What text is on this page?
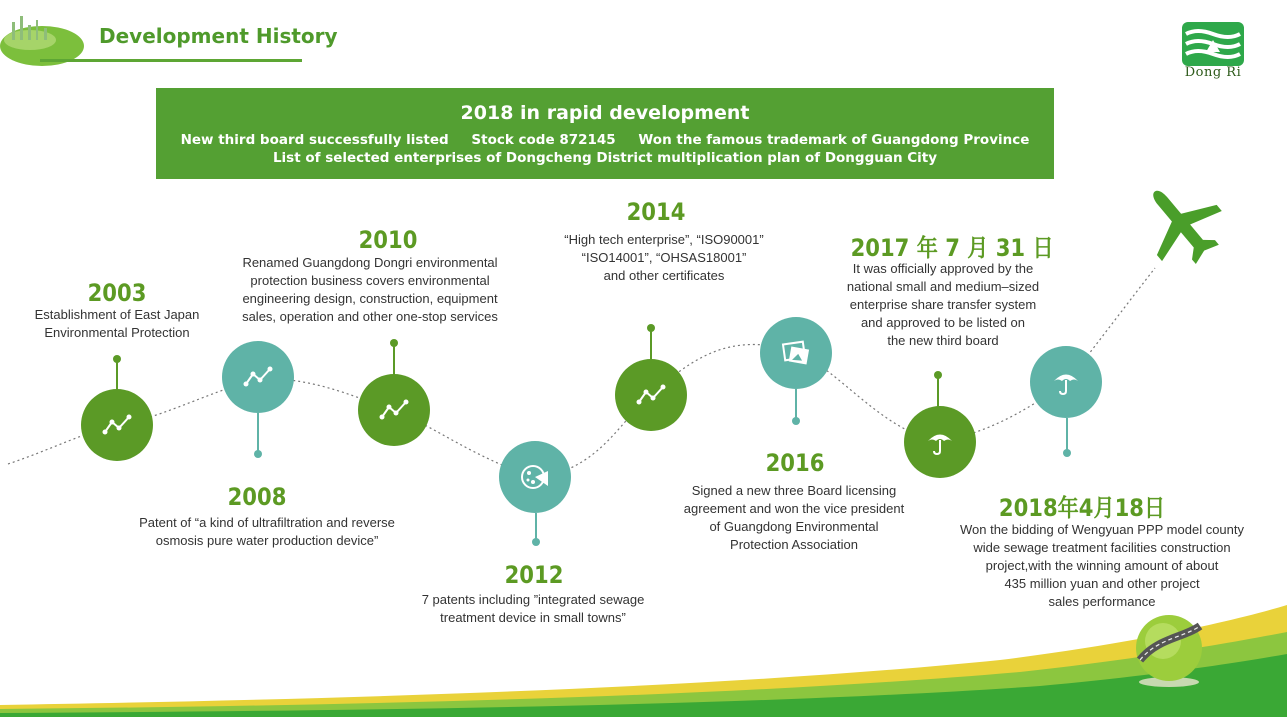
Development History
Dong Ri
2018 in rapid development
New third board successfully listed Stock code 872145 Won the famous trademark of Guangdong Province
List of selected enterprises of Dongcheng District multiplication plan of Dongguan City
2003
Establishment of East Japan
Environmental Protection
2008
Patent of “a kind of ultrafiltration and reverse
osmosis pure water production device”
2010
Renamed Guangdong Dongri environmental
protection business covers environmental
engineering design, construction, equipment
sales, operation and other one-stop services
2012
7 patents including ”integrated sewage
treatment device in small towns”
2014
“High tech enterprise”, “ISO90001”
“ISO14001”, “OHSAS18001”
and other certificates
2016
Signed a new three Board licensing
agreement and won the vice president
of Guangdong Environmental
Protection Association
2017 年 7 月 31 日
It was officially approved by the
national small and medium–sized
enterprise share transfer system
and approved to be listed on
the new third board
2018年4月18日
Won the bidding of Wengyuan PPP model county
wide sewage treatment facilities construction
project,with the winning amount of about
435 million yuan and other project
sales performance
